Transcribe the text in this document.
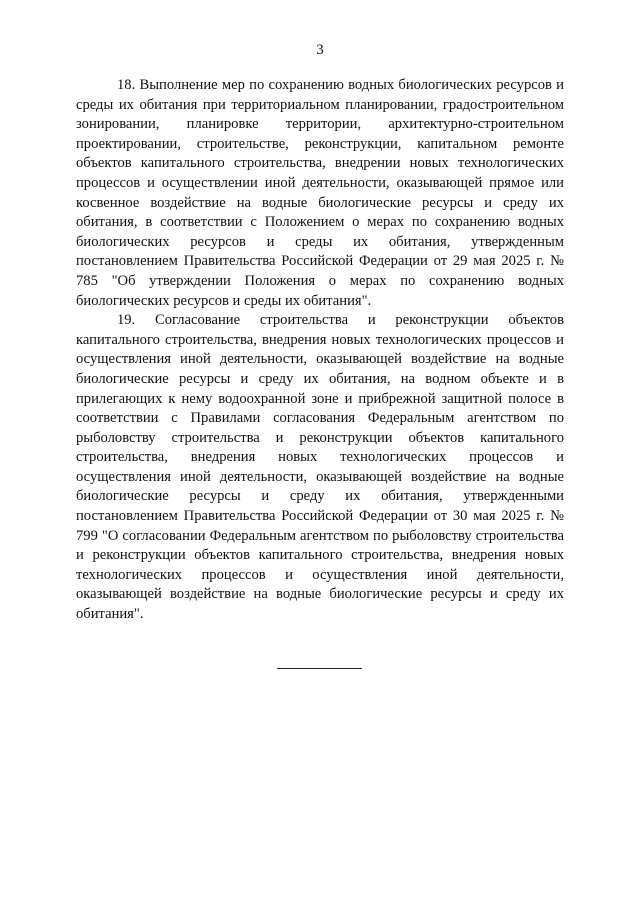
3

18. Выполнение мер по сохранению водных биологических ресурсов и среды их обитания при территориальном планировании, градостроительном зонировании, планировке территории, архитектурно-строительном проектировании, строительстве, реконструкции, капитальном ремонте объектов капитального строительства, внедрении новых технологических процессов и осуществлении иной деятельности, оказывающей прямое или косвенное воздействие на водные биологические ресурсы и среду их обитания, в соответствии с Положением о мерах по сохранению водных биологических ресурсов и среды их обитания, утвержденным постановлением Правительства Российской Федерации от 29 мая 2025 г. № 785 "Об утверждении Положения о мерах по сохранению водных биологических ресурсов и среды их обитания".

19. Согласование строительства и реконструкции объектов капитального строительства, внедрения новых технологических процессов и осуществления иной деятельности, оказывающей воздействие на водные биологические ресурсы и среду их обитания, на водном объекте и в прилегающих к нему водоохранной зоне и прибрежной защитной полосе в соответствии с Правилами согласования Федеральным агентством по рыболовству строительства и реконструкции объектов капитального строительства, внедрения новых технологических процессов и осуществления иной деятельности, оказывающей воздействие на водные биологические ресурсы и среду их обитания, утвержденными постановлением Правительства Российской Федерации от 30 мая 2025 г. № 799 "О согласовании Федеральным агентством по рыболовству строительства и реконструкции объектов капитального строительства, внедрения новых технологических процессов и осуществления иной деятельности, оказывающей воздействие на водные биологические ресурсы и среду их обитания".
